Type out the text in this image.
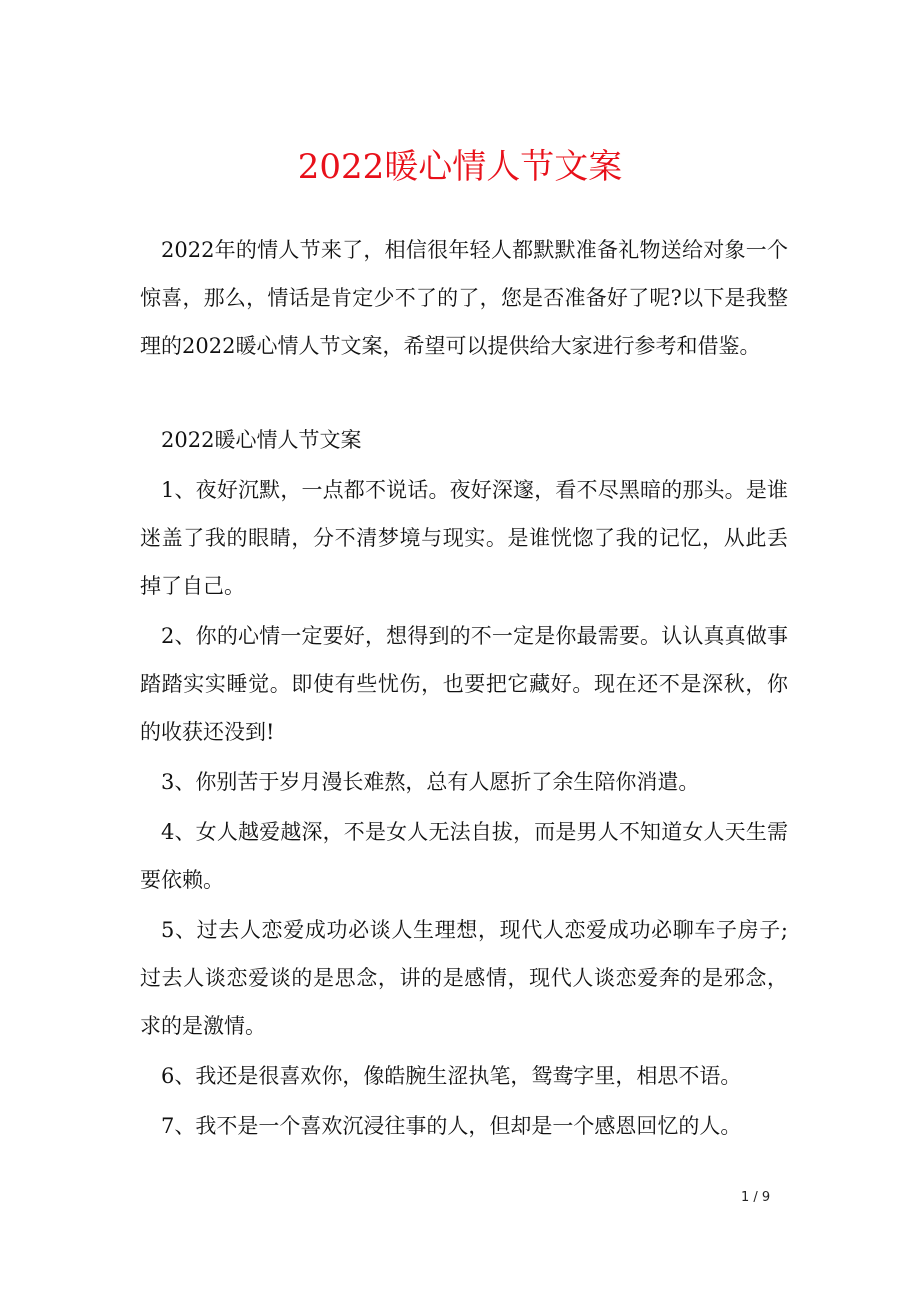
2022暖心情人节文案

2022年的情人节来了，相信很年轻人都默默准备礼物送给对象一个惊喜，那么，情话是肯定少不了的了，您是否准备好了呢?以下是我整理的2022暖心情人节文案，希望可以提供给大家进行参考和借鉴。

2022暖心情人节文案

1、夜好沉默，一点都不说话。夜好深邃，看不尽黑暗的那头。是谁迷盖了我的眼睛，分不清梦境与现实。是谁恍惚了我的记忆，从此丢掉了自己。

2、你的心情一定要好，想得到的不一定是你最需要。认认真真做事踏踏实实睡觉。即使有些忧伤，也要把它藏好。现在还不是深秋，你的收获还没到!

3、你别苦于岁月漫长难熬，总有人愿折了余生陪你消遣。

4、女人越爱越深，不是女人无法自拔，而是男人不知道女人天生需要依赖。

5、过去人恋爱成功必谈人生理想，现代人恋爱成功必聊车子房子;过去人谈恋爱谈的是思念，讲的是感情，现代人谈恋爱奔的是邪念，求的是激情。

6、我还是很喜欢你，像皓腕生涩执笔，鸳鸯字里，相思不语。

7、我不是一个喜欢沉浸往事的人，但却是一个感恩回忆的人。

1 / 9
